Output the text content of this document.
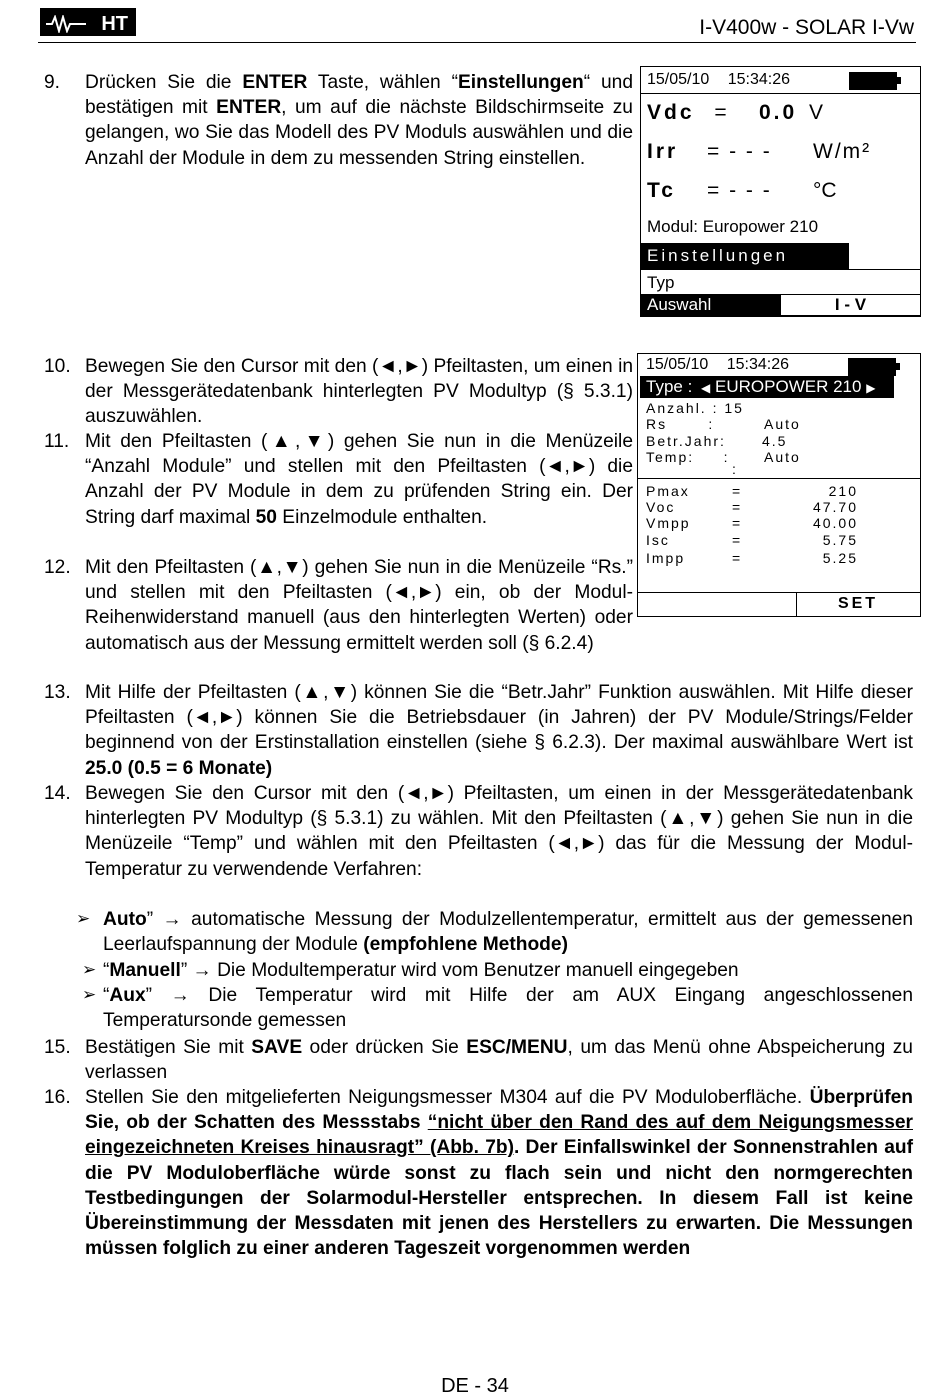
HT	I-V400w - SOLAR I-Vw
9. Drücken Sie die ENTER Taste, wählen “Einstellungen“ und bestätigen mit ENTER, um auf die nächste Bildschirmseite zu gelangen, wo Sie das Modell des PV Moduls auswählen und die Anzahl der Module in dem zu messenden String einstellen.
15/05/10 15:34:26
Vdc = 0.0 V
Irr = - - - W/m²
Tc = - - - °C
Modul: Europower 210
Einstellungen
Typ
Auswahl	I - V
10. Bewegen Sie den Cursor mit den (◄,►) Pfeiltasten, um einen in der Messgerätedatenbank hinterlegten PV Modultyp (§ 5.3.1) auszuwählen.
11. Mit den Pfeiltasten (▲,▼) gehen Sie nun in die Menüzeile “Anzahl Module” und stellen mit den Pfeiltasten (◄,►) die Anzahl der PV Module in dem zu prüfenden String ein. Der String darf maximal 50 Einzelmodule enthalten.
12. Mit den Pfeiltasten (▲,▼) gehen Sie nun in die Menüzeile “Rs.” und stellen mit den Pfeiltasten (◄,►) ein, ob der Modul-Reihenwiderstand manuell (aus den hinterlegten Werten) oder automatisch aus der Messung ermittelt werden soll (§ 6.2.4)
15/05/10 15:34:26
Type : ◀ EUROPOWER 210 ▶
Anzahl. : 15
Rs       :	Auto
Betr.Jahr:	4.5
Temp:     : Auto
:
Pmax	=	210
Voc	=	47.70
Vmpp	=	40.00
Isc	=	5.75
Impp	=	5.25
SET
13. Mit Hilfe der Pfeiltasten (▲,▼) können Sie die “Betr.Jahr” Funktion auswählen. Mit Hilfe dieser Pfeiltasten (◄,►) können Sie die Betriebsdauer (in Jahren) der PV Module/Strings/Felder beginnend von der Erstinstallation einstellen (siehe § 6.2.3). Der maximal auswählbare Wert ist 25.0 (0.5 = 6 Monate)
14. Bewegen Sie den Cursor mit den (◄,►) Pfeiltasten, um einen in der Messgerätedatenbank hinterlegten PV Modultyp (§ 5.3.1) zu wählen. Mit den Pfeiltasten (▲,▼) gehen Sie nun in die Menüzeile “Temp” und wählen mit den Pfeiltasten (◄,►) das für die Messung der Modul-Temperatur zu verwendende Verfahren:
➢ Auto” → automatische Messung der Modulzellentemperatur, ermittelt aus der gemessenen Leerlaufspannung der Module (empfohlene Methode)
➢ “Manuell” → Die Modultemperatur wird vom Benutzer manuell eingegeben
➢ “Aux” → Die Temperatur wird mit Hilfe der am AUX Eingang angeschlossenen Temperatursonde gemessen
15. Bestätigen Sie mit SAVE oder drücken Sie ESC/MENU, um das Menü ohne Abspeicherung zu verlassen
16. Stellen Sie den mitgelieferten Neigungsmesser M304 auf die PV Moduloberfläche. Überprüfen Sie, ob der Schatten des Messstabs “nicht über den Rand des auf dem Neigungsmesser eingezeichneten Kreises hinausragt” (Abb. 7b). Der Einfallswinkel der Sonnenstrahlen auf die PV Moduloberfläche würde sonst zu flach sein und nicht den normgerechten Testbedingungen der Solarmodul-Hersteller entsprechen. In diesem Fall ist keine Übereinstimmung der Messdaten mit jenen des Herstellers zu erwarten. Die Messungen müssen folglich zu einer anderen Tageszeit vorgenommen werden
DE - 34
